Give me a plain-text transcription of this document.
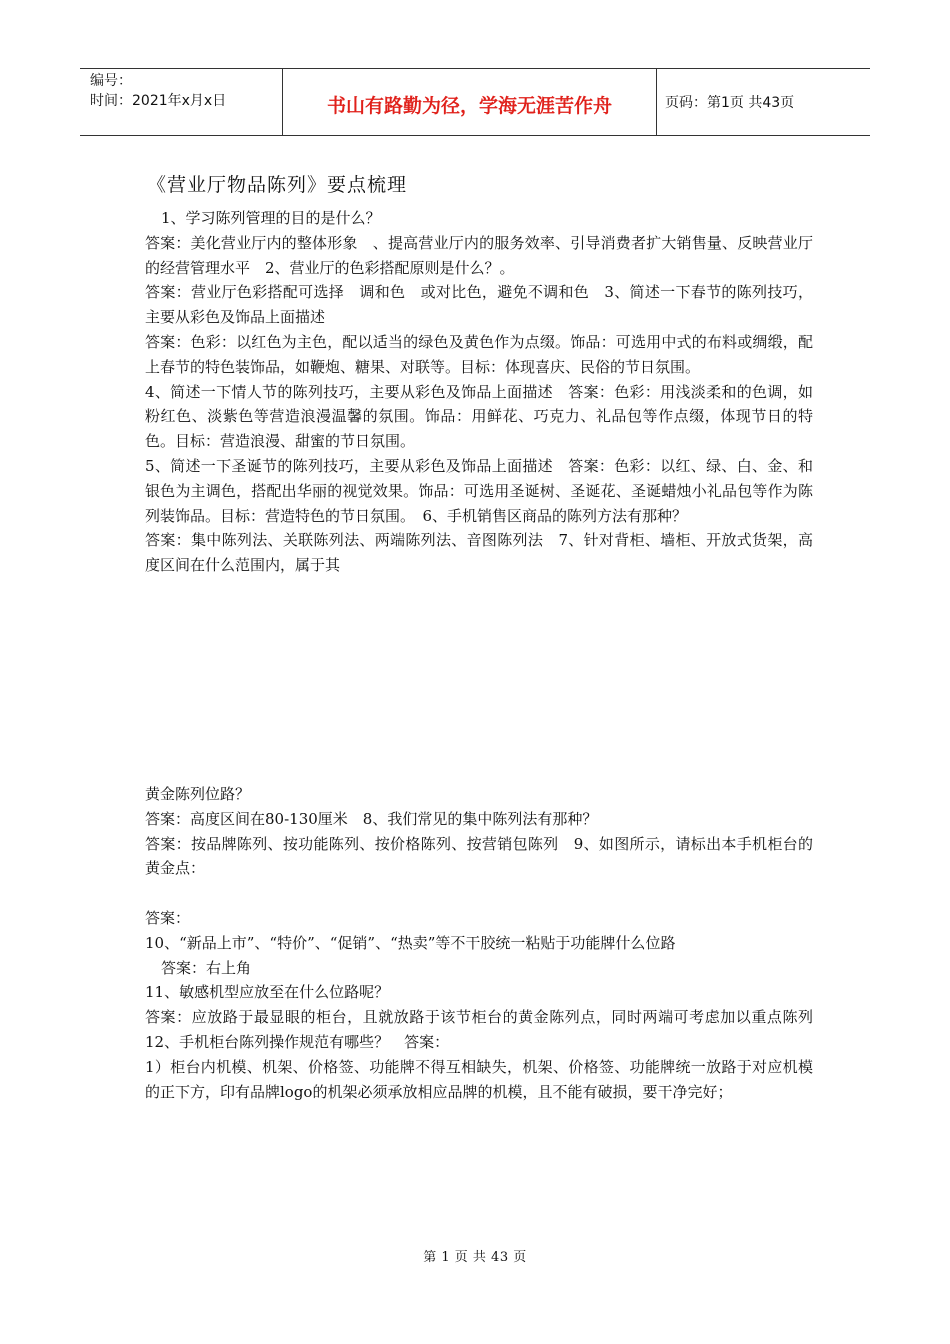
编号：
时间：2021年x月x日	书山有路勤为径，学海无涯苦作舟	页码：第1页 共43页
《营业厅物品陈列》要点梳理

1、学习陈列管理的目的是什么？

答案：美化营业厅内的整体形象　、提高营业厅内的服务效率、引导消费者扩大销售量、反映营业厅的经营管理水平　2、营业厅的色彩搭配原则是什么？。

答案：营业厅色彩搭配可选择　调和色　或对比色，避免不调和色　3、简述一下春节的陈列技巧，主要从彩色及饰品上面描述

答案：色彩：以红色为主色，配以适当的绿色及黄色作为点缀。饰品：可选用中式的布料或绸缎，配上春节的特色装饰品，如鞭炮、糖果、对联等。目标：体现喜庆、民俗的节日氛围。

4、简述一下情人节的陈列技巧，主要从彩色及饰品上面描述　答案：色彩：用浅淡柔和的色调，如粉红色、淡紫色等营造浪漫温馨的氛围。饰品：用鲜花、巧克力、礼品包等作点缀，体现节日的特色。目标：营造浪漫、甜蜜的节日氛围。

5、简述一下圣诞节的陈列技巧，主要从彩色及饰品上面描述　答案：色彩：以红、绿、白、金、和银色为主调色，搭配出华丽的视觉效果。饰品：可选用圣诞树、圣诞花、圣诞蜡烛小礼品包等作为陈列装饰品。目标：营造特色的节日氛围。　6、手机销售区商品的陈列方法有那种？

答案：集中陈列法、关联陈列法、两端陈列法、音图陈列法　7、针对背柜、墙柜、开放式货架，高度区间在什么范围内，属于其

黄金陈列位路？

答案：高度区间在80-130厘米　8、我们常见的集中陈列法有那种？

答案：按品牌陈列、按功能陈列、按价格陈列、按营销包陈列　9、如图所示，请标出本手机柜台的黄金点：

答案：

10、“新品上市”、“特价”、“促销”、“热卖”等不干胶统一粘贴于功能牌什么位路

答案：右上角

11、敏感机型应放至在什么位路呢？

答案：应放路于最显眼的柜台，且就放路于该节柜台的黄金陈列点，同时两端可考虑加以重点陈列　12、手机柜台陈列操作规范有哪些？　答案：

1）柜台内机模、机架、价格签、功能牌不得互相缺失，机架、价格签、功能牌统一放路于对应机模的正下方，印有品牌logo的机架必须承放相应品牌的机模，且不能有破损，要干净完好；

第 1 页 共 43 页
